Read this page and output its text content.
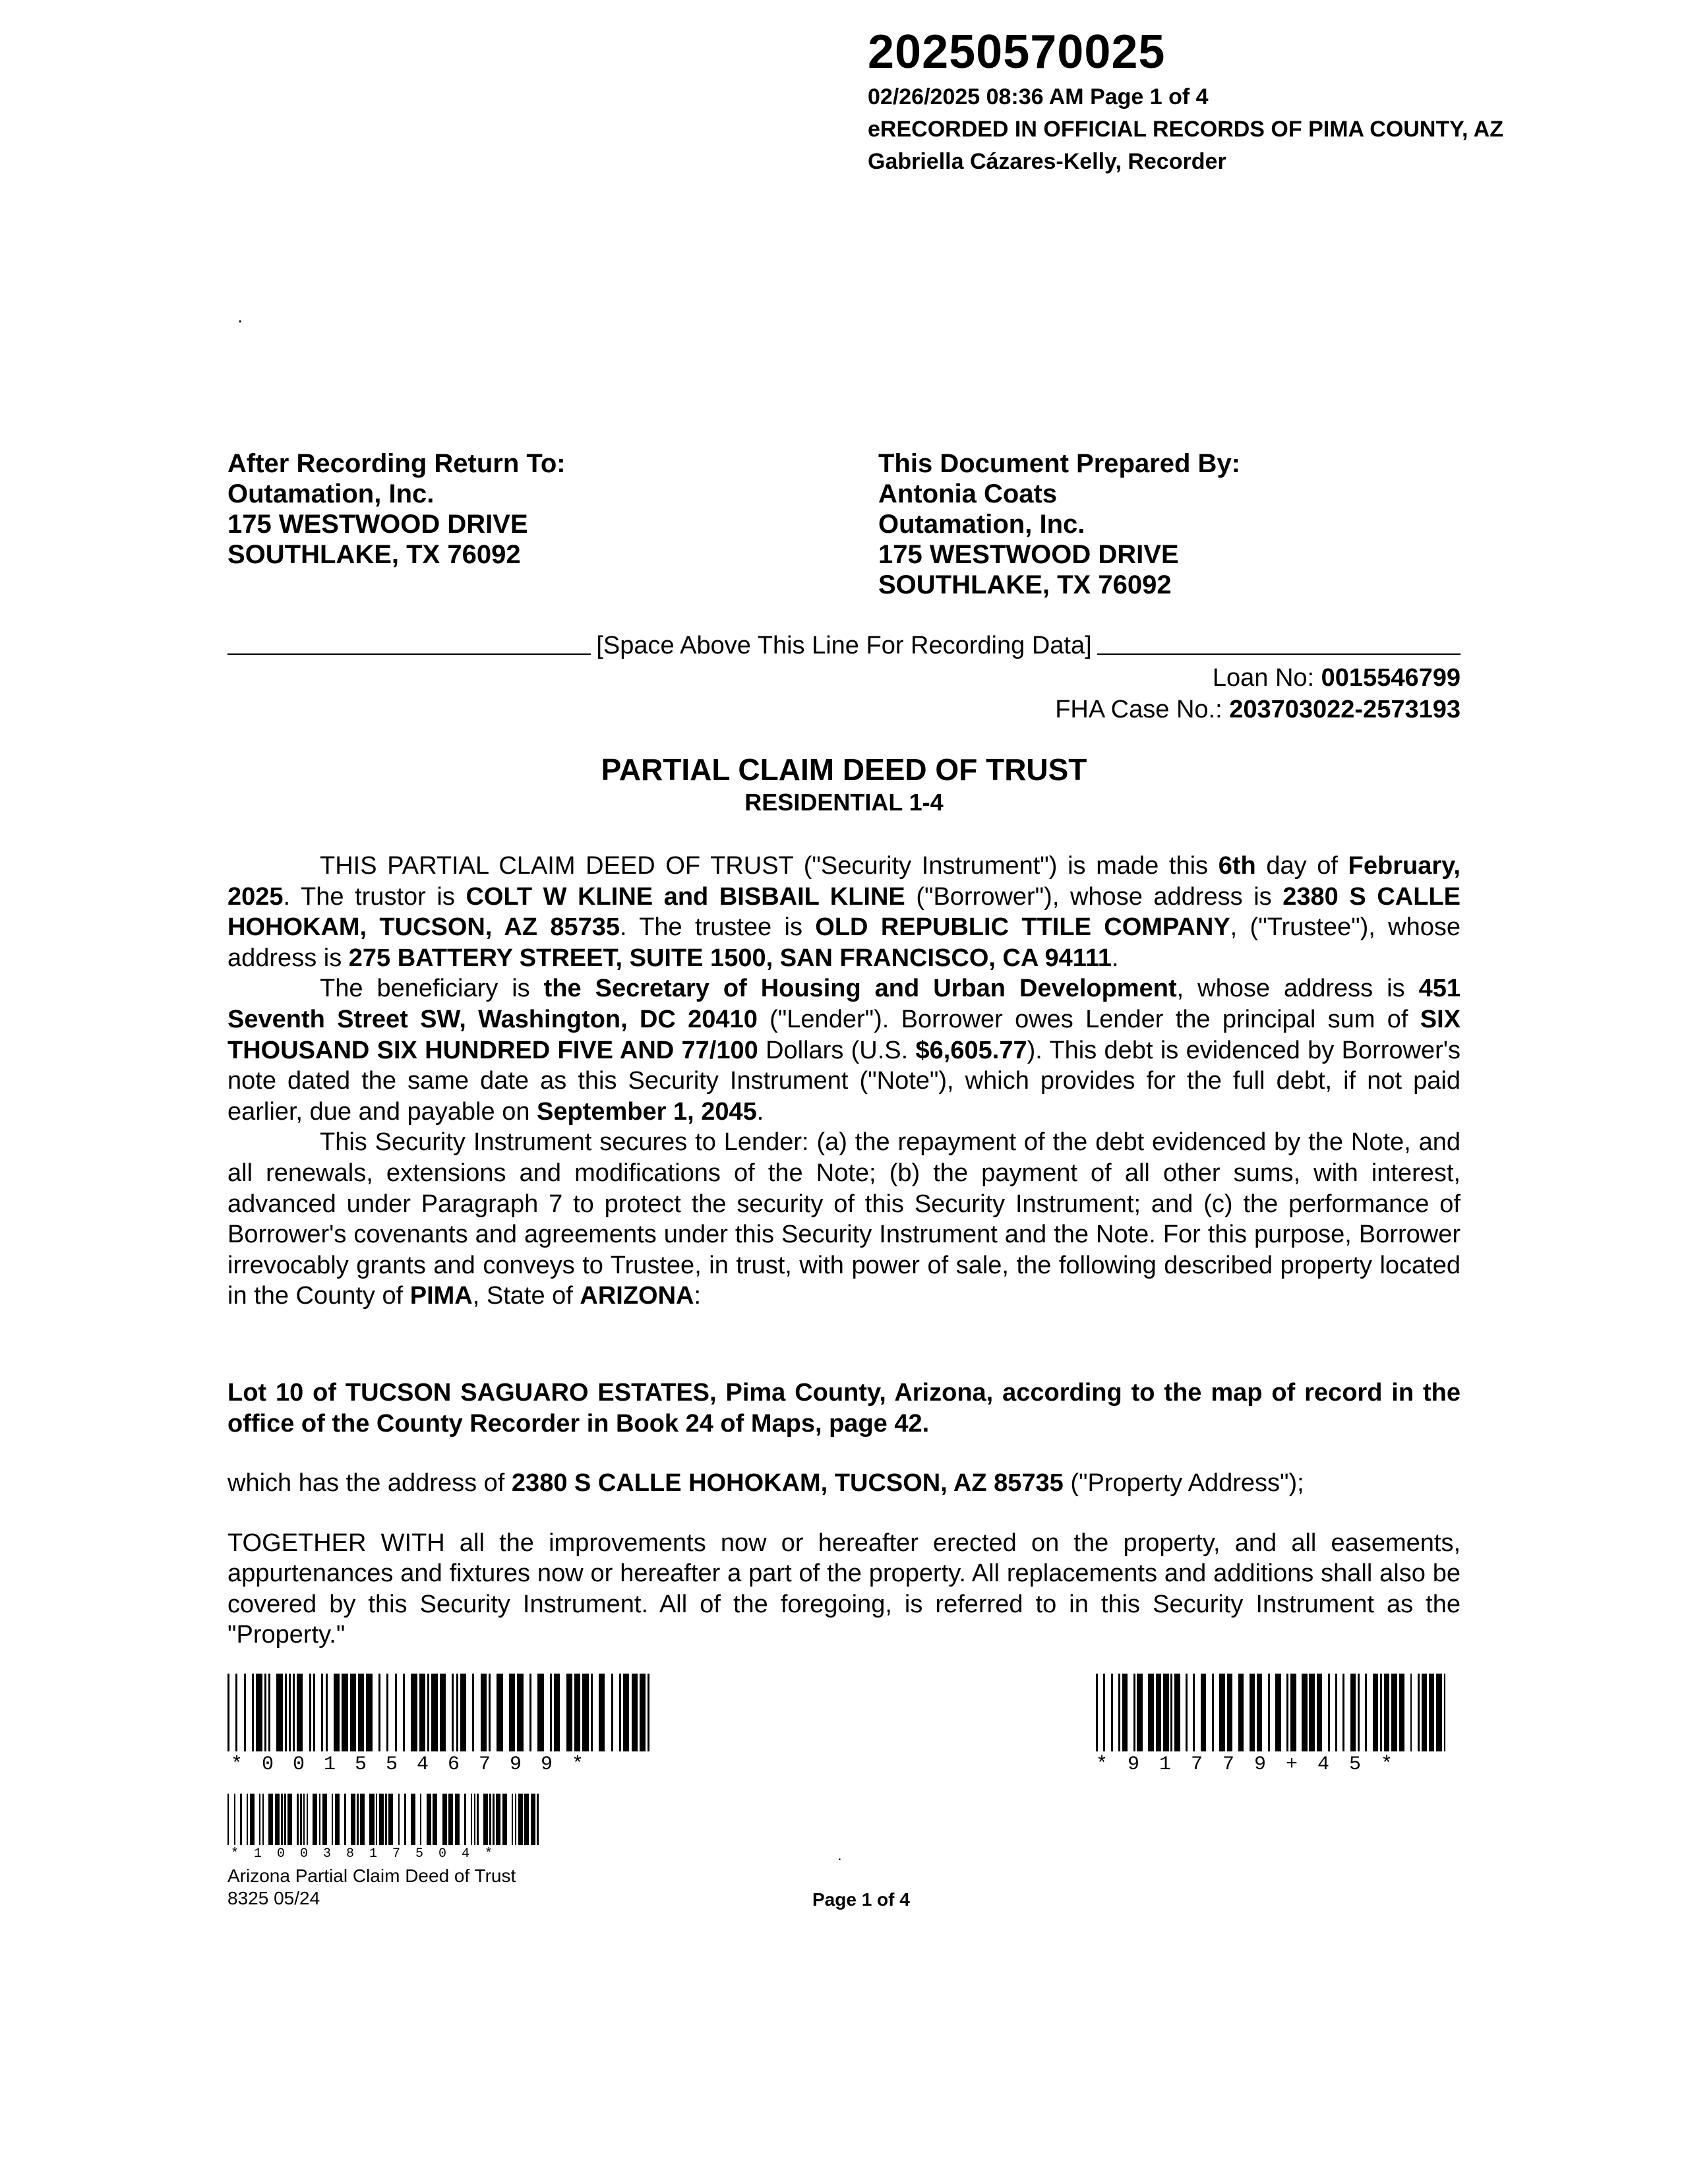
20250570025
02/26/2025 08:36 AM Page 1 of 4
eRECORDED IN OFFICIAL RECORDS OF PIMA COUNTY, AZ
Gabriella Cázares-Kelly, Recorder
.
After Recording Return To:
Outamation, Inc.
175 WESTWOOD DRIVE
SOUTHLAKE, TX 76092
This Document Prepared By:
Antonia Coats
Outamation, Inc.
175 WESTWOOD DRIVE
SOUTHLAKE, TX 76092
[Space Above This Line For Recording Data]
Loan No: 0015546799
FHA Case No.: 203703022-2573193
PARTIAL CLAIM DEED OF TRUST
RESIDENTIAL 1-4

THIS PARTIAL CLAIM DEED OF TRUST ("Security Instrument") is made this 6th day of February, 2025. The trustor is COLT W KLINE and BISBAIL KLINE ("Borrower"), whose address is 2380 S CALLE HOHOKAM, TUCSON, AZ 85735. The trustee is OLD REPUBLIC TTILE COMPANY, ("Trustee"), whose address is 275 BATTERY STREET, SUITE 1500, SAN FRANCISCO, CA 94111.

The beneficiary is the Secretary of Housing and Urban Development, whose address is 451 Seventh Street SW, Washington, DC 20410 ("Lender"). Borrower owes Lender the principal sum of SIX THOUSAND SIX HUNDRED FIVE AND 77/100 Dollars (U.S. $6,605.77). This debt is evidenced by Borrower's note dated the same date as this Security Instrument ("Note"), which provides for the full debt, if not paid earlier, due and payable on September 1, 2045.

This Security Instrument secures to Lender: (a) the repayment of the debt evidenced by the Note, and all renewals, extensions and modifications of the Note; (b) the payment of all other sums, with interest, advanced under Paragraph 7 to protect the security of this Security Instrument; and (c) the performance of Borrower's covenants and agreements under this Security Instrument and the Note. For this purpose, Borrower irrevocably grants and conveys to Trustee, in trust, with power of sale, the following described property located in the County of PIMA, State of ARIZONA:

Lot 10 of TUCSON SAGUARO ESTATES, Pima County, Arizona, according to the map of record in the office of the County Recorder in Book 24 of Maps, page 42.

which has the address of 2380 S CALLE HOHOKAM, TUCSON, AZ 85735 ("Property Address");

TOGETHER WITH all the improvements now or hereafter erected on the property, and all easements, appurtenances and fixtures now or hereafter a part of the property. All replacements and additions shall also be covered by this Security Instrument. All of the foregoing, is referred to in this Security Instrument as the "Property."

*0015546799*	*91779+45*
*1003817504*	.
Arizona Partial Claim Deed of Trust
8325 05/24	Page 1 of 4
